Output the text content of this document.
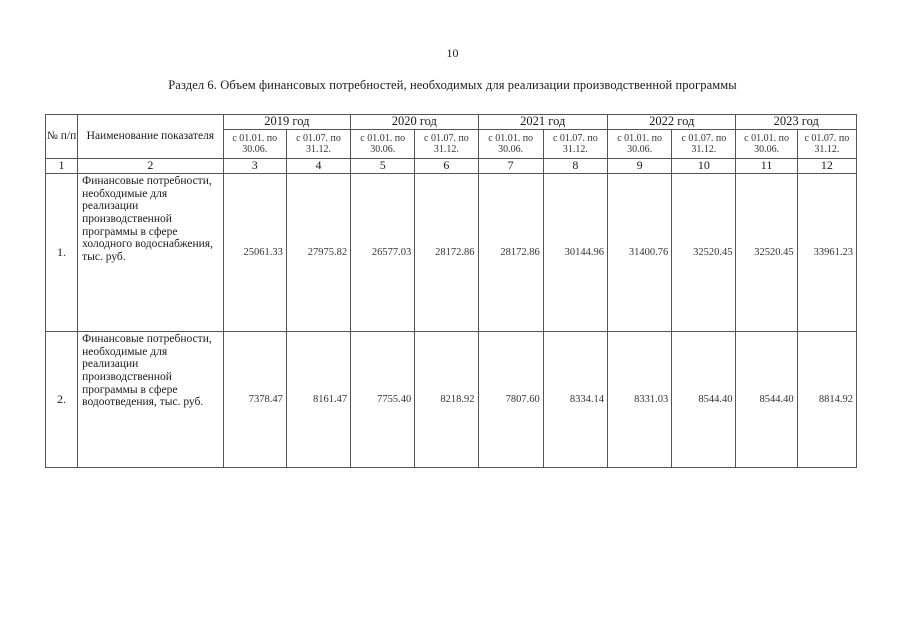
10
Раздел 6. Объем финансовых потребностей, необходимых для реализации производственной программы
№ п/п	Наименование показателя	2019 год		2020 год		2021 год		2022 год		2023 год	
		с 01.01. по 30.06.	с 01.07. по 31.12.	с 01.01. по 30.06.	с 01.07. по 31.12.	с 01.01. по 30.06.	с 01.07. по 31.12.	с 01.01. по 30.06.	с 01.07. по 31.12.	с 01.01. по 30.06.	с 01.07. по 31.12.
1	2	3	4	5	6	7	8	9	10	11	12
1.	Финансовые потребности, необходимые для реализации производственной программы в сфере холодного водоснабжения, тыс. руб.	25061.33	27975.82	26577.03	28172.86	28172.86	30144.96	31400.76	32520.45	32520.45	33961.23
2.	Финансовые потребности, необходимые для реализации производственной программы в сфере водоотведения, тыс. руб.	7378.47	8161.47	7755.40	8218.92	7807.60	8334.14	8331.03	8544.40	8544.40	8814.92
